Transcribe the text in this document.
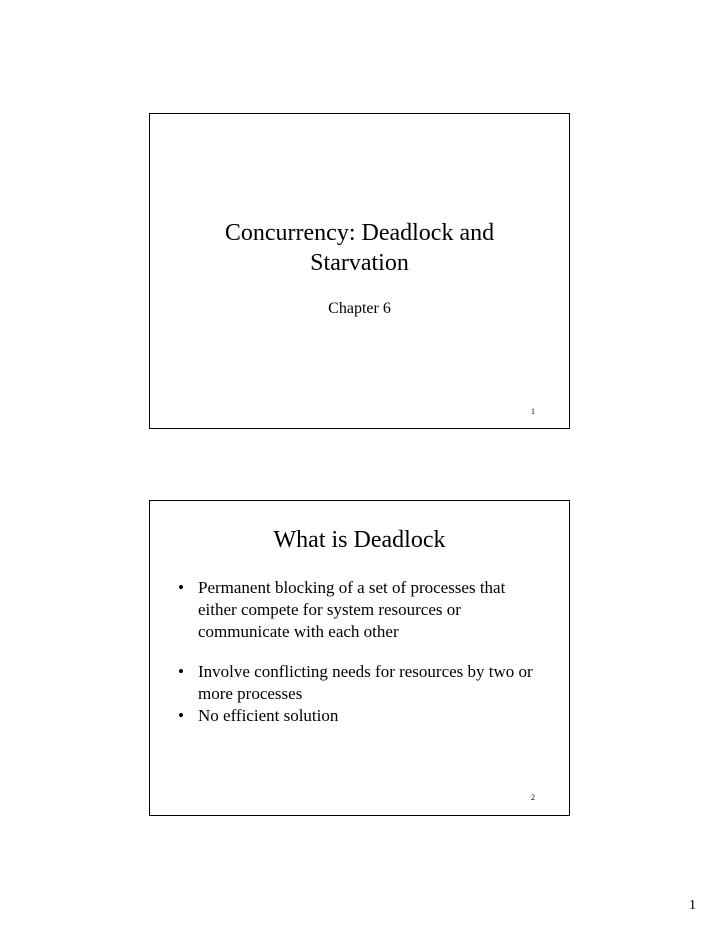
Concurrency: Deadlock and Starvation
Chapter 6
1
What is Deadlock
• Permanent blocking of a set of processes that either compete for system resources or communicate with each other
• Involve conflicting needs for resources by two or more processes
• No efficient solution
2
1
